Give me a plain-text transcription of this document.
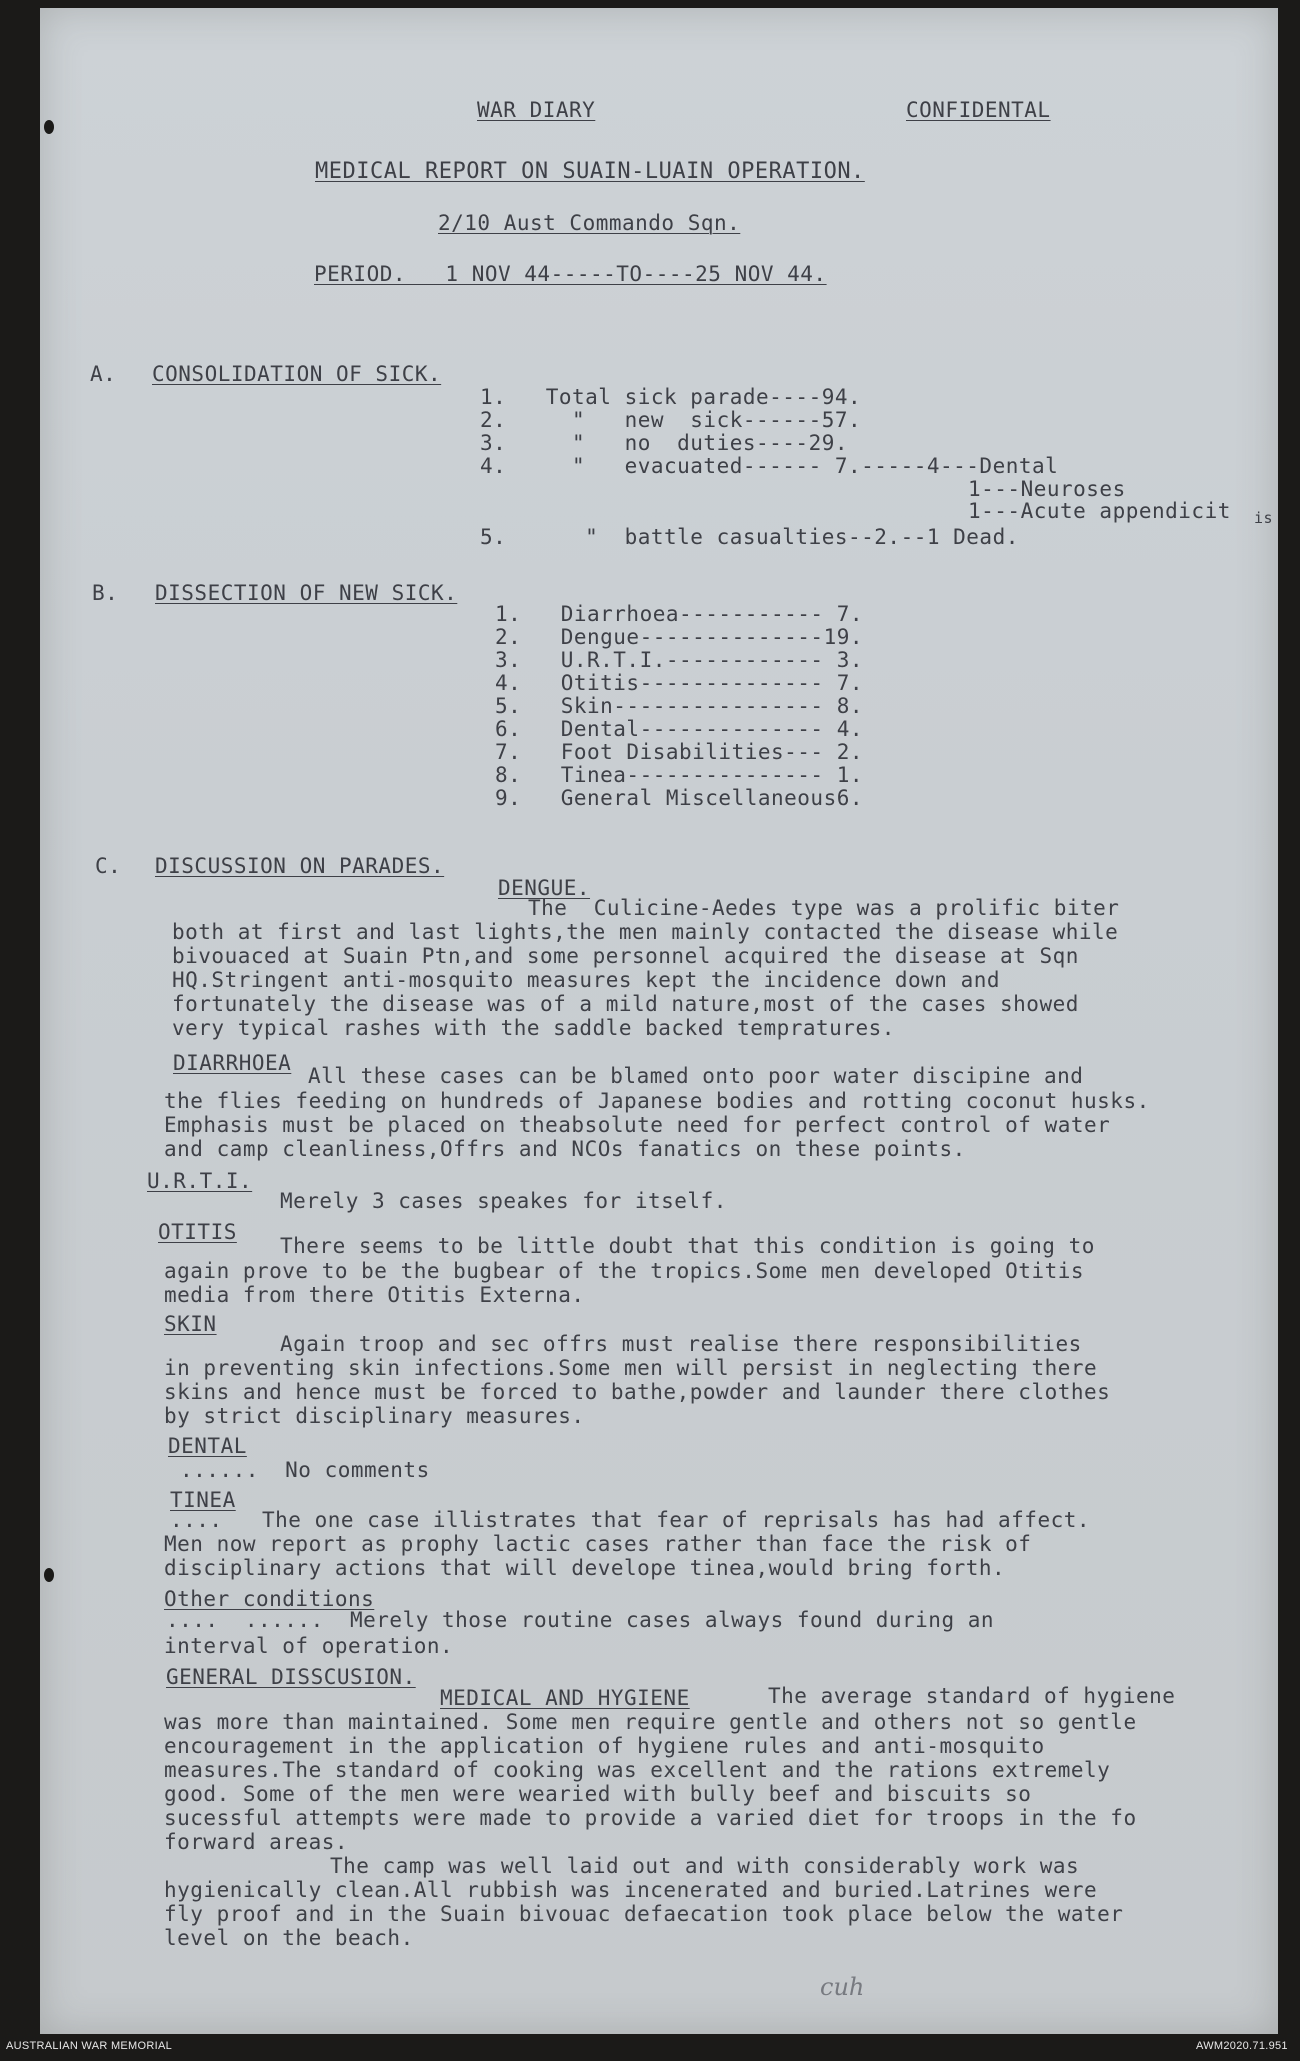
WAR DIARY	CONFIDENTAL
MEDICAL REPORT ON SUAIN-LUAIN OPERATION.
2/10 Aust Commando Sqn.
PERIOD.   1 NOV 44-----TO----25 NOV 44.
A. CONSOLIDATION OF SICK.
1.   Total sick parade----94.
2.     "   new  sick------57.
3.     "   no  duties----29.
4.     "   evacuated------ 7.-----4---Dental
1---Neuroses
1---Acute appendicit is
5.      "  battle casualties--2.--1 Dead.
B. DISSECTION OF NEW SICK.
1.   Diarrhoea----------- 7.
2.   Dengue--------------19.
3.   U.R.T.I.------------ 3.
4.   Otitis-------------- 7.
5.   Skin---------------- 8.
6.   Dental-------------- 4.
7.   Foot Disabilities--- 2.
8.   Tinea--------------- 1.
9.   General Miscellaneous6.
C. DISCUSSION ON PARADES.
DENGUE.
The  Culicine-Aedes type was a prolific biter
both at first and last lights,the men mainly contacted the disease while
bivouaced at Suain Ptn,and some personnel acquired the disease at Sqn
HQ.Stringent anti-mosquito measures kept the incidence down and
fortunately the disease was of a mild nature,most of the cases showed
very typical rashes with the saddle backed tempratures.
DIARRHOEA
All these cases can be blamed onto poor water discipine and
the flies feeding on hundreds of Japanese bodies and rotting coconut husks.
Emphasis must be placed on theabsolute need for perfect control of water
and camp cleanliness,Offrs and NCOs fanatics on these points.
U.R.T.I.
Merely 3 cases speakes for itself.
OTITIS
There seems to be little doubt that this condition is going to
again prove to be the bugbear of the tropics.Some men developed Otitis
media from there Otitis Externa.
SKIN
Again troop and sec offrs must realise there responsibilities
in preventing skin infections.Some men will persist in neglecting there
skins and hence must be forced to bathe,powder and launder there clothes
by strict disciplinary measures.
DENTAL
......  No comments
TINEA
....   The one case illistrates that fear of reprisals has had affect.
Men now report as prophy lactic cases rather than face the risk of
disciplinary actions that will develope tinea,would bring forth.
Other conditions
....  ......  Merely those routine cases always found during an
interval of operation.
GENERAL DISSCUSION.
MEDICAL AND HYGIENE	The average standard of hygiene
was more than maintained. Some men require gentle and others not so gentle
encouragement in the application of hygiene rules and anti-mosquito
measures.The standard of cooking was excellent and the rations extremely
good. Some of the men were wearied with bully beef and biscuits so
sucessful attempts were made to provide a varied diet for troops in the fo
forward areas.
The camp was well laid out and with considerably work was
hygienically clean.All rubbish was incenerated and buried.Latrines were
fly proof and in the Suain bivouac defaecation took place below the water
level on the beach.
cuh
AUSTRALIAN WAR MEMORIAL	AWM2020.71.951
